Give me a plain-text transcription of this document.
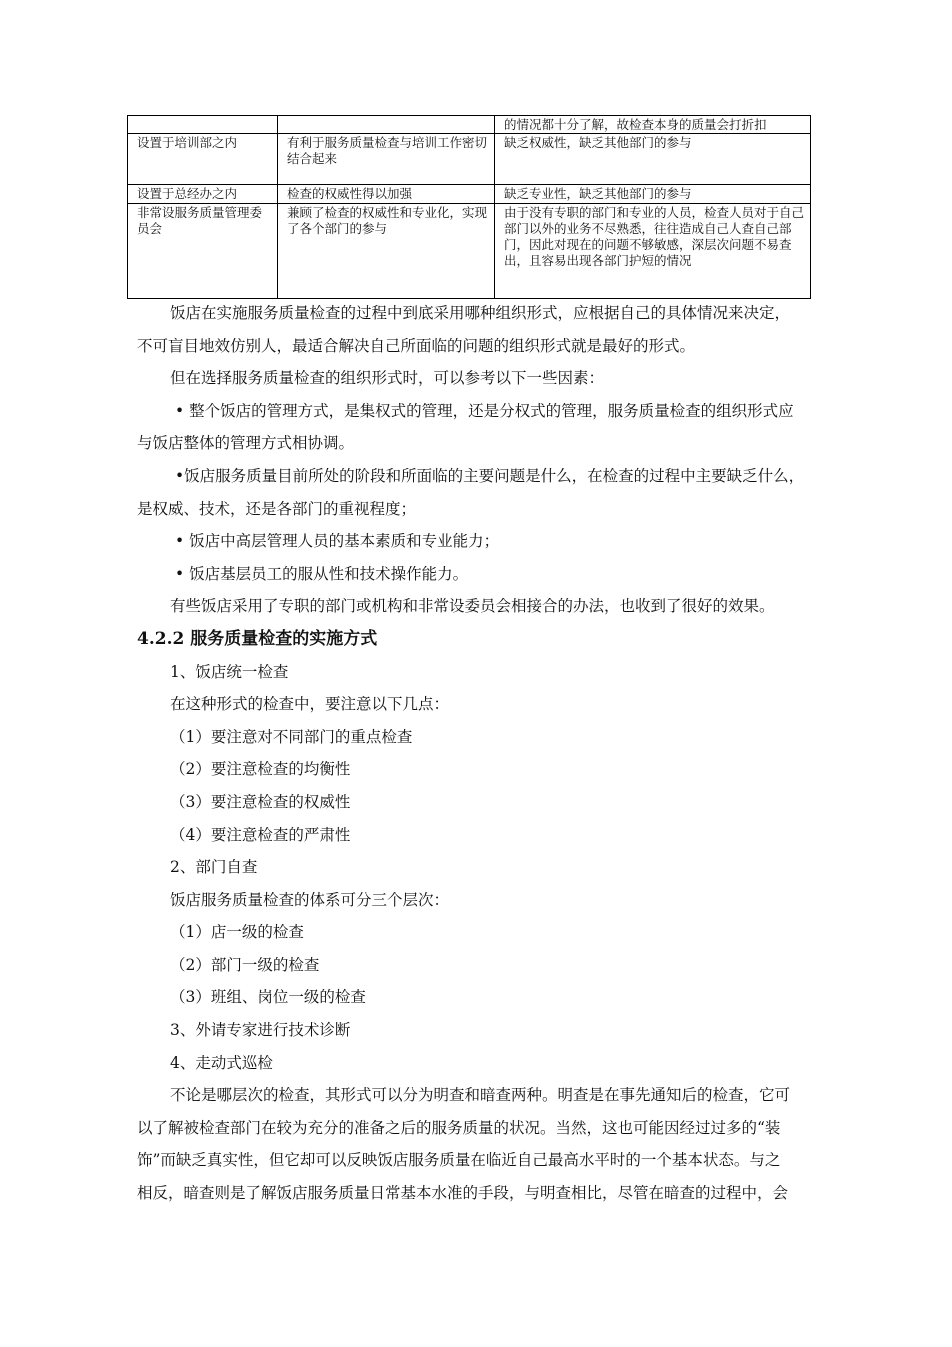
		的情况都十分了解，故检查本身的质量会打折扣
设置于培训部之内	有利于服务质量检查与培训工作密切结合起来	缺乏权威性，缺乏其他部门的参与
设置于总经办之内	检查的权威性得以加强	缺乏专业性，缺乏其他部门的参与
非常设服务质量管理委员会	兼顾了检查的权威性和专业化，实现了各个部门的参与	由于没有专职的部门和专业的人员，检查人员对于自己部门以外的业务不尽熟悉，往往造成自己人查自己部门，因此对现在的问题不够敏感，深层次问题不易查出，且容易出现各部门护短的情况

饭店在实施服务质量检查的过程中到底采用哪种组织形式，应根据自己的具体情况来决定，

不可盲目地效仿别人，最适合解决自己所面临的问题的组织形式就是最好的形式。

但在选择服务质量检查的组织形式时，可以参考以下一些因素：

• 整个饭店的管理方式，是集权式的管理，还是分权式的管理，服务质量检查的组织形式应

与饭店整体的管理方式相协调。

•饭店服务质量目前所处的阶段和所面临的主要问题是什么，在检查的过程中主要缺乏什么，

是权威、技术，还是各部门的重视程度；

• 饭店中高层管理人员的基本素质和专业能力；

• 饭店基层员工的服从性和技术操作能力。

有些饭店采用了专职的部门或机构和非常设委员会相接合的办法，也收到了很好的效果。

4.2.2 服务质量检查的实施方式

1、饭店统一检查

在这种形式的检查中，要注意以下几点：

（1）要注意对不同部门的重点检查

（2）要注意检查的均衡性

（3）要注意检查的权威性

（4）要注意检查的严肃性

2、部门自查

饭店服务质量检查的体系可分三个层次：

（1）店一级的检查

（2）部门一级的检查

（3）班组、岗位一级的检查

3、外请专家进行技术诊断

4、走动式巡检

不论是哪层次的检查，其形式可以分为明查和暗查两种。明查是在事先通知后的检查，它可

以了解被检查部门在较为充分的准备之后的服务质量的状况。当然，这也可能因经过过多的“装

饰”而缺乏真实性，但它却可以反映饭店服务质量在临近自己最高水平时的一个基本状态。与之

相反，暗查则是了解饭店服务质量日常基本水准的手段，与明查相比，尽管在暗查的过程中，会
